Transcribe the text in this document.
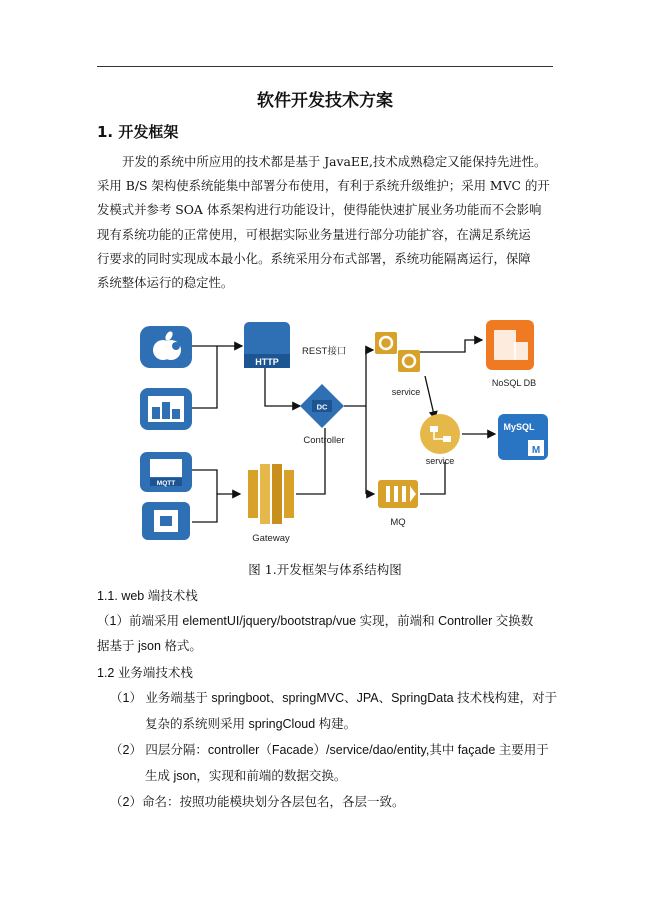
软件开发技术方案
1. 开发框架
开发的系统中所应用的技术都是基于 JavaEE,技术成熟稳定又能保持先进性。
采用 B/S 架构使系统能集中部署分布使用，有利于系统升级维护；采用 MVC 的开
发模式并参考 SOA 体系架构进行功能设计，使得能快速扩展业务功能而不会影响
现有系统功能的正常使用，可根据实际业务量进行部分功能扩容，在满足系统运
行要求的同时实现成本最小化。系统采用分布式部署，系统功能隔离运行，保障
系统整体运行的稳定性。
HTTP
REST接口
DC
Controller
MQTT
Gateway
service
service
MQ
NoSQL DB
MySQL
M
图 1.开发框架与体系结构图
1.1. web 端技术栈
（1）前端采用 elementUI/jquery/bootstrap/vue 实现，前端和 Controller 交换数
据基于 json 格式。
1.2 业务端技术栈
（1） 业务端基于 springboot、springMVC、JPA、SpringData 技术栈构建，对于
复杂的系统则采用 springCloud 构建。
（2） 四层分隔：controller（Facade）/service/dao/entity,其中 façade 主要用于
生成 json，实现和前端的数据交换。
（2）命名：按照功能模块划分各层包名，各层一致。
